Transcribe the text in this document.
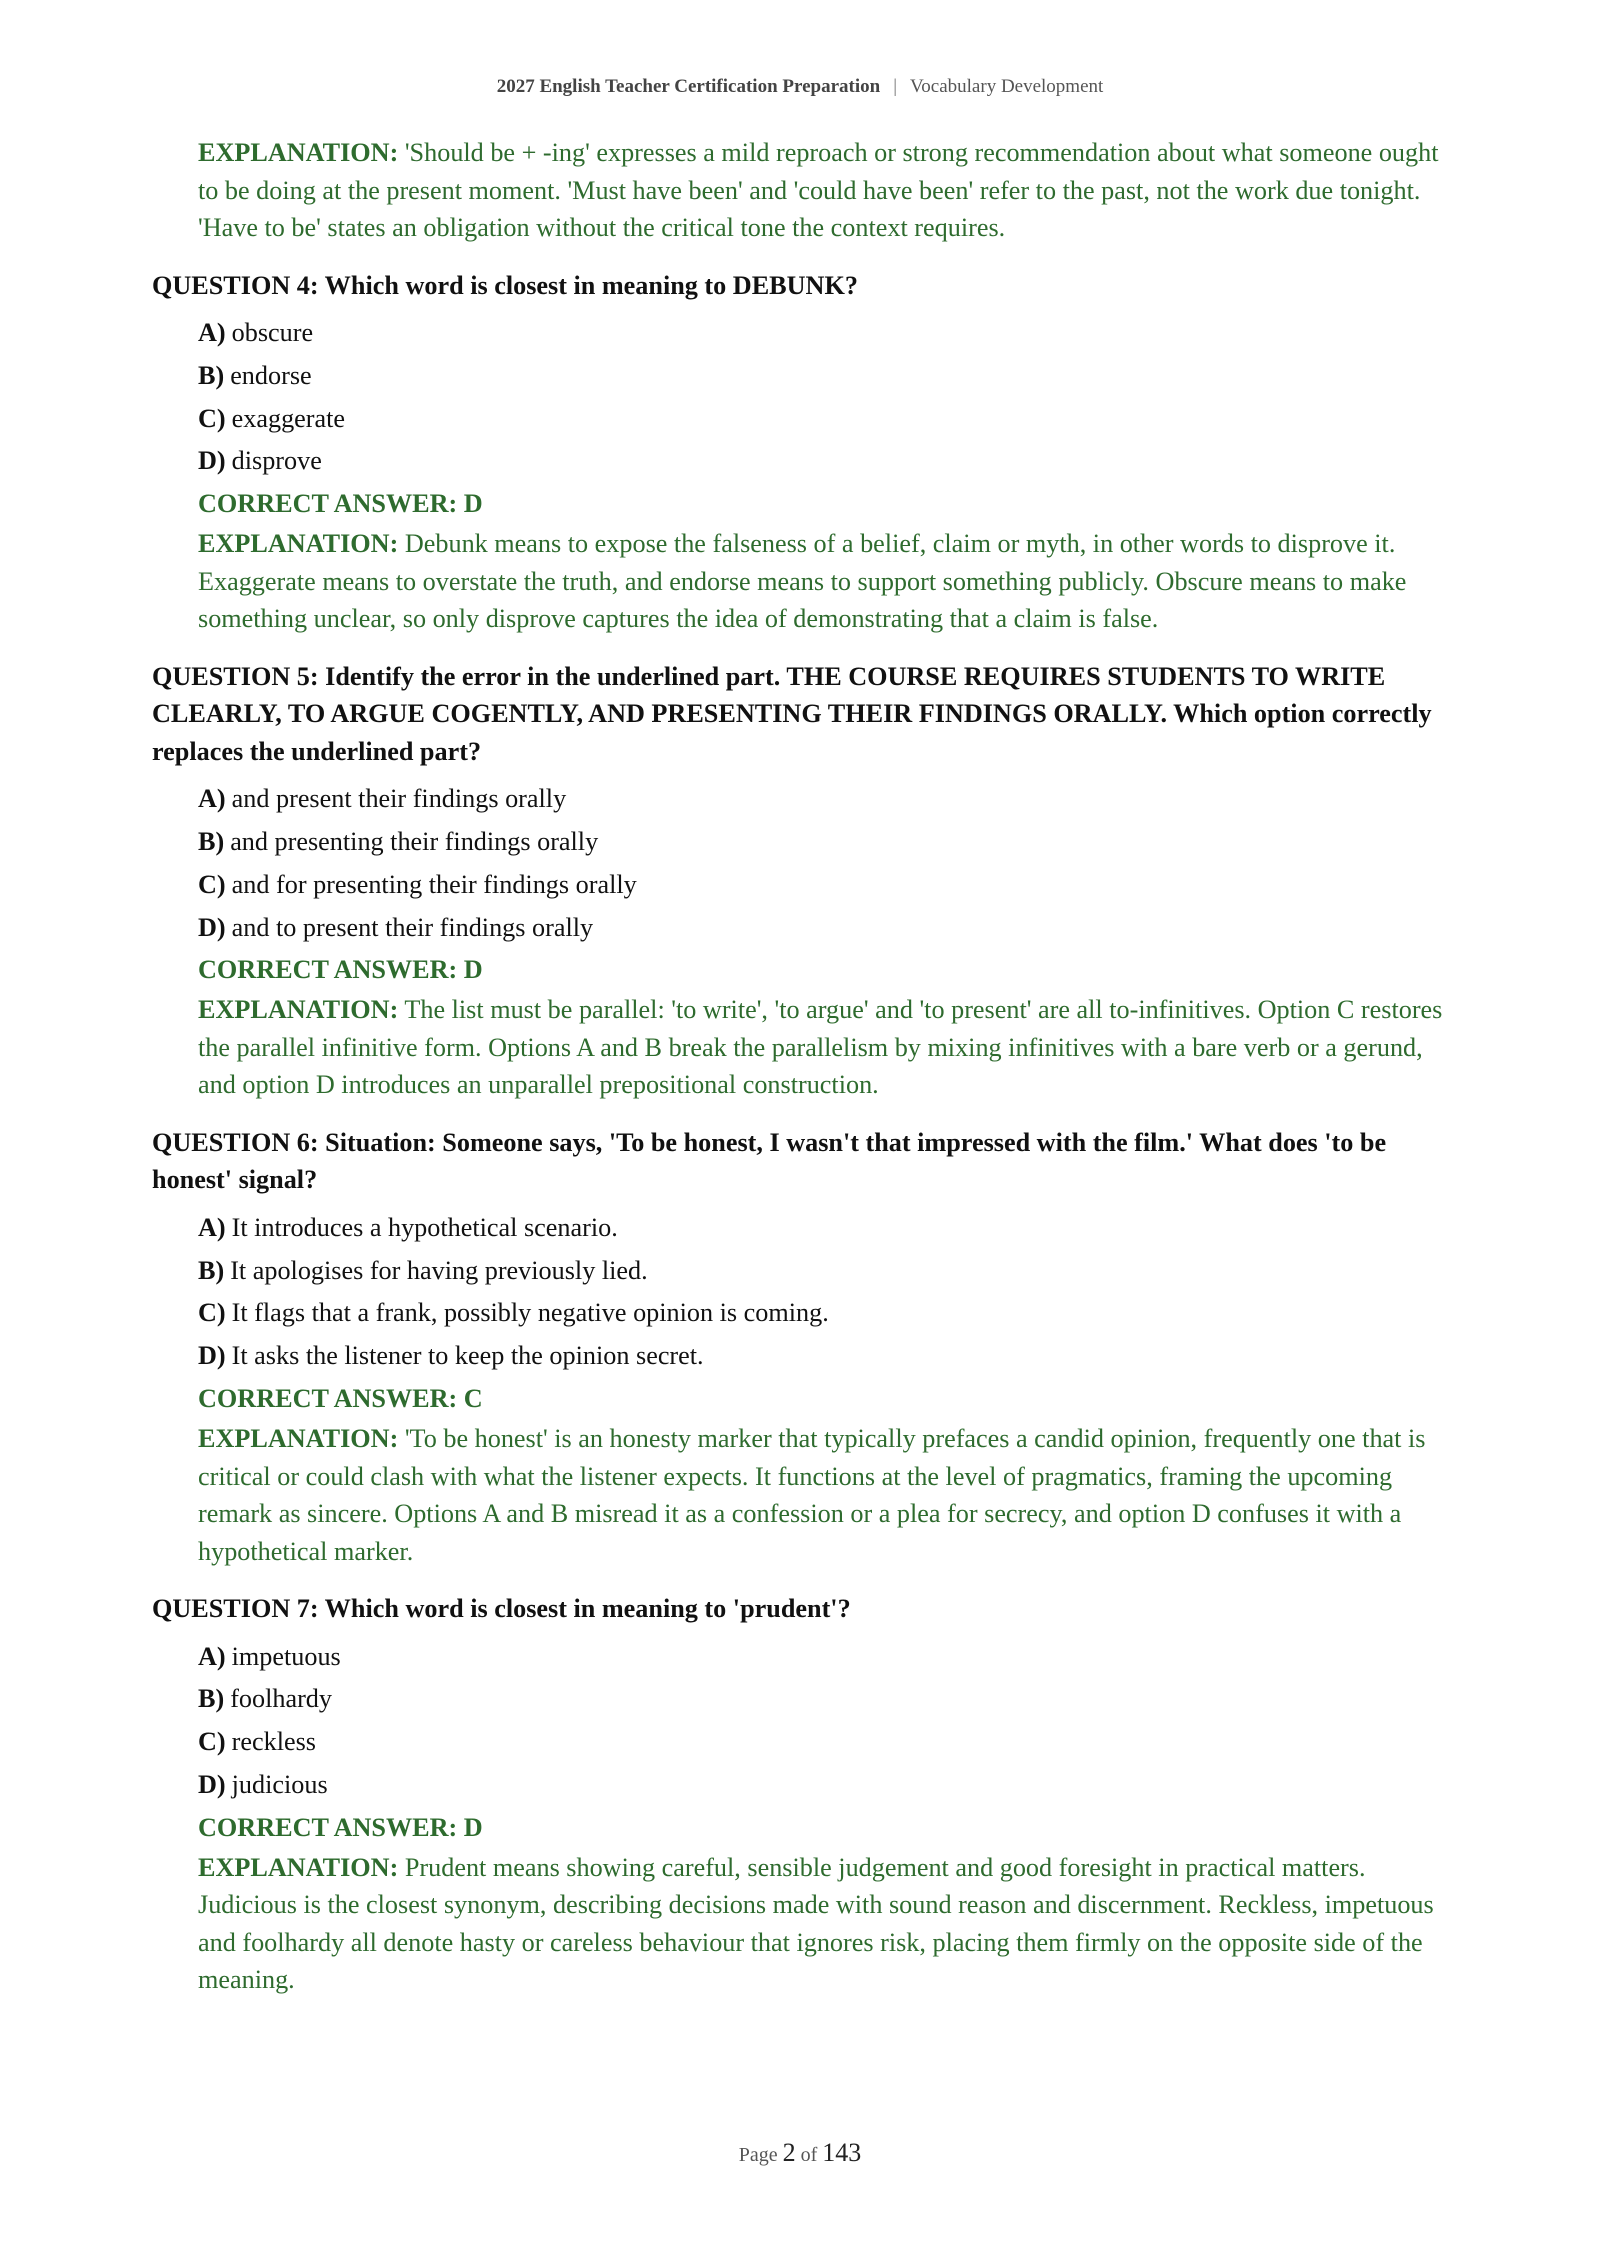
2027 English Teacher Certification Preparation | Vocabulary Development

EXPLANATION: 'Should be + -ing' expresses a mild reproach or strong recommendation about what someone ought to be doing at the present moment. 'Must have been' and 'could have been' refer to the past, not the work due tonight. 'Have to be' states an obligation without the critical tone the context requires.

QUESTION 4: Which word is closest in meaning to DEBUNK?

A) obscure
B) endorse
C) exaggerate
D) disprove

CORRECT ANSWER: D

EXPLANATION: Debunk means to expose the falseness of a belief, claim or myth, in other words to disprove it. Exaggerate means to overstate the truth, and endorse means to support something publicly. Obscure means to make something unclear, so only disprove captures the idea of demonstrating that a claim is false.

QUESTION 5: Identify the error in the underlined part. THE COURSE REQUIRES STUDENTS TO WRITE CLEARLY, TO ARGUE COGENTLY, AND PRESENTING THEIR FINDINGS ORALLY. Which option correctly replaces the underlined part?

A) and present their findings orally
B) and presenting their findings orally
C) and for presenting their findings orally
D) and to present their findings orally

CORRECT ANSWER: D

EXPLANATION: The list must be parallel: 'to write', 'to argue' and 'to present' are all to-infinitives. Option C restores the parallel infinitive form. Options A and B break the parallelism by mixing infinitives with a bare verb or a gerund, and option D introduces an unparallel prepositional construction.

QUESTION 6: Situation: Someone says, 'To be honest, I wasn't that impressed with the film.' What does 'to be honest' signal?

A) It introduces a hypothetical scenario.
B) It apologises for having previously lied.
C) It flags that a frank, possibly negative opinion is coming.
D) It asks the listener to keep the opinion secret.

CORRECT ANSWER: C

EXPLANATION: 'To be honest' is an honesty marker that typically prefaces a candid opinion, frequently one that is critical or could clash with what the listener expects. It functions at the level of pragmatics, framing the upcoming remark as sincere. Options A and B misread it as a confession or a plea for secrecy, and option D confuses it with a hypothetical marker.

QUESTION 7: Which word is closest in meaning to 'prudent'?

A) impetuous
B) foolhardy
C) reckless
D) judicious

CORRECT ANSWER: D

EXPLANATION: Prudent means showing careful, sensible judgement and good foresight in practical matters. Judicious is the closest synonym, describing decisions made with sound reason and discernment. Reckless, impetuous and foolhardy all denote hasty or careless behaviour that ignores risk, placing them firmly on the opposite side of the meaning.

Page 2 of 143
